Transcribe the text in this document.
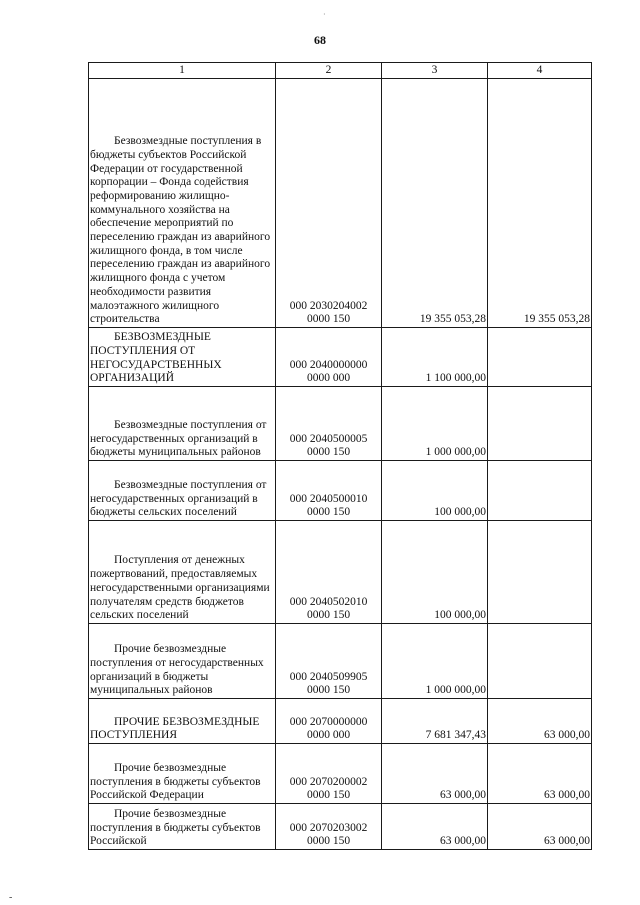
·
68
1	2	3	4

Безвозмездные поступления в бюджеты субъектов Российской Федерации от государственной корпорации – Фонда содействия реформированию жилищно-коммунального хозяйства на обеспечение мероприятий по переселению граждан из аварийного жилищного фонда, в том числе переселению граждан из аварийного жилищного фонда с учетом необходимости развития малоэтажного жилищного строительства	000 2030204002
0000 150	19 355 053,28	19 355 053,28

БЕЗВОЗМЕЗДНЫЕ ПОСТУПЛЕНИЯ ОТ НЕГОСУДАРСТВЕННЫХ ОРГАНИЗАЦИЙ	000 2040000000
0000 000	1 100 000,00	

Безвозмездные поступления от негосударственных организаций в бюджеты муниципальных районов	000 2040500005
0000 150	1 000 000,00	

Безвозмездные поступления от негосударственных организаций в бюджеты сельских поселений	000 2040500010
0000 150	100 000,00	

Поступления от денежных пожертвований, предоставляемых негосударственными организациями получателям средств бюджетов сельских поселений	000 2040502010
0000 150	100 000,00	

Прочие безвозмездные поступления от негосударственных организаций в бюджеты муниципальных районов	000 2040509905
0000 150	1 000 000,00	

ПРОЧИЕ БЕЗВОЗМЕЗДНЫЕ ПОСТУПЛЕНИЯ	000 2070000000
0000 000	7 681 347,43	63 000,00

Прочие безвозмездные поступления в бюджеты субъектов Российской Федерации	000 2070200002
0000 150	63 000,00	63 000,00

Прочие безвозмездные поступления в бюджеты субъектов Российской	000 2070203002
0000 150	63 000,00	63 000,00
-
